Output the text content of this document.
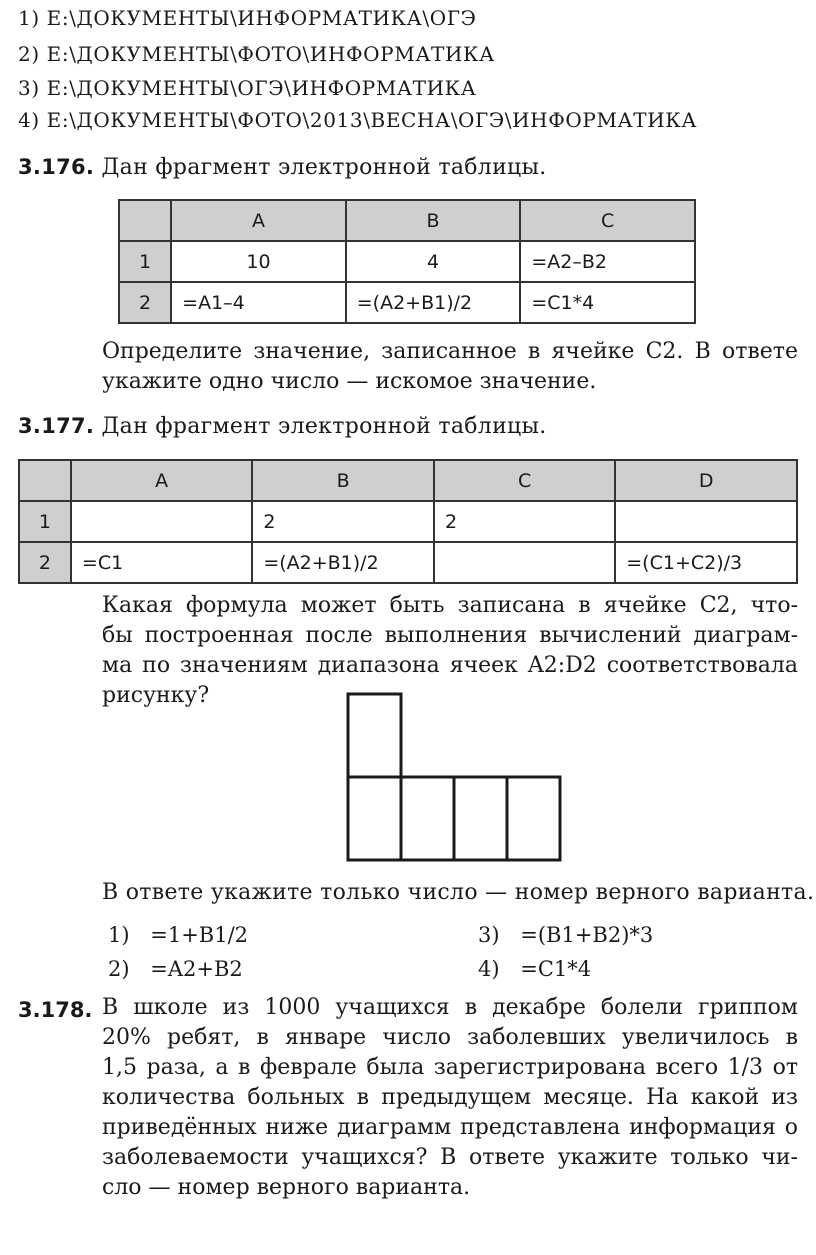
1) E:\ДОКУМЕНТЫ\ИНФОРМАТИКА\ОГЭ
2) E:\ДОКУМЕНТЫ\ФОТО\ИНФОРМАТИКА
3) E:\ДОКУМЕНТЫ\ОГЭ\ИНФОРМАТИКА
4) E:\ДОКУМЕНТЫ\ФОТО\2013\ВЕСНА\ОГЭ\ИНФОРМАТИКА
3.176. Дан фрагмент электронной таблицы.
	A	B	C
1	10	4	=A2–B2
2	=A1–4	=(A2+B1)/2	=C1*4
Определите значение, записанное в ячейке C2. В ответе
укажите одно число — искомое значение.
3.177. Дан фрагмент электронной таблицы.
	A	B	C	D
1		2	2	
2	=C1	=(A2+B1)/2		=(C1+C2)/3
Какая формула может быть записана в ячейке C2, что-
бы построенная после выполнения вычислений диаграм-
ма по значениям диапазона ячеек A2:D2 соответствовала
рисунку?
В ответе укажите только число — номер верного варианта.
1) =1+B1/2
2) =A2+B2
3) =(B1+B2)*3
4) =C1*4
3.178. В школе из 1000 учащихся в декабре болели гриппом
20% ребят, в январе число заболевших увеличилось в
1,5 раза, а в феврале была зарегистрирована всего 1/3 от
количества больных в предыдущем месяце. На какой из
приведённых ниже диаграмм представлена информация о
заболеваемости учащихся? В ответе укажите только чи-
сло — номер верного варианта.
